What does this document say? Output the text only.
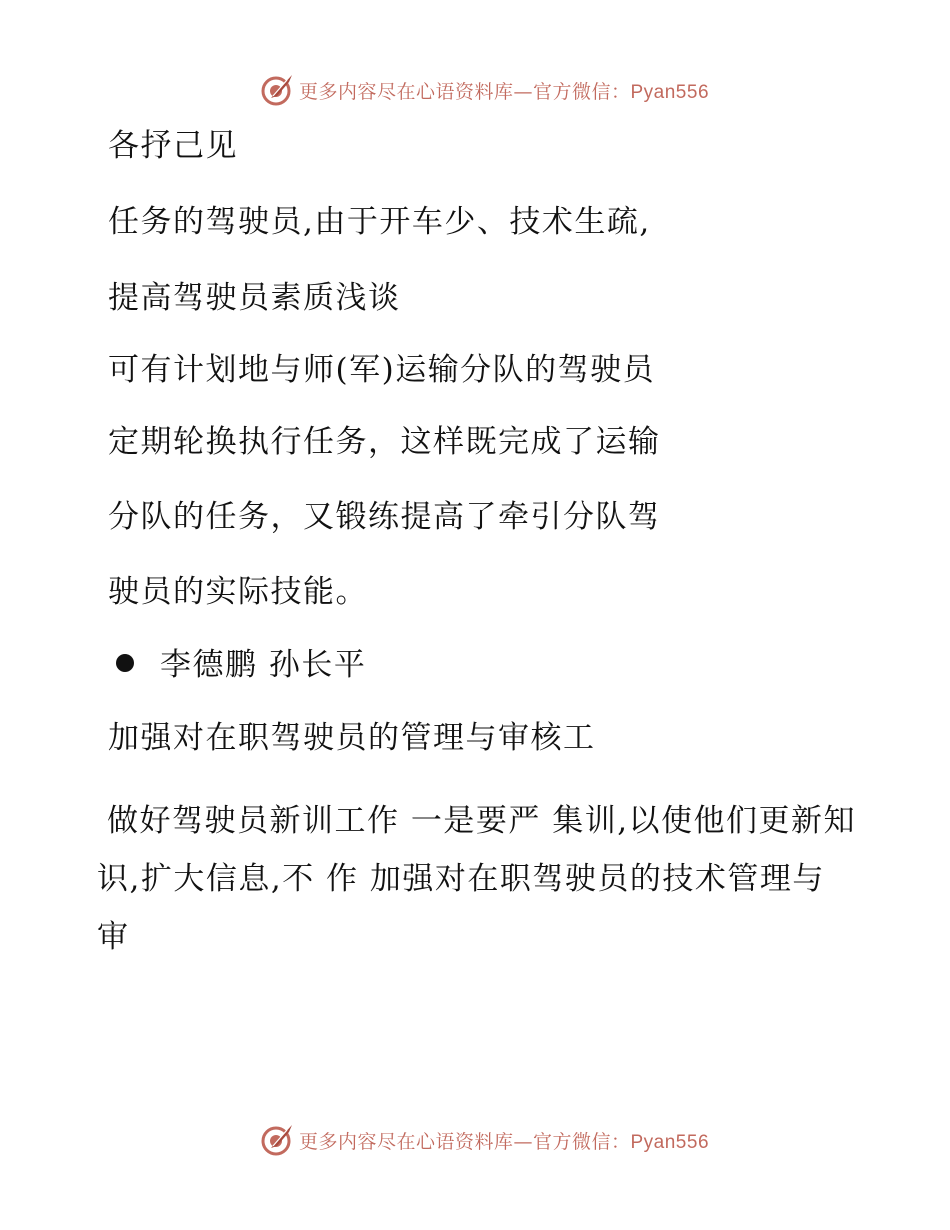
更多内容尽在心语资料库—官方微信：Pyan556
各抒己见
任务的驾驶员,由于开车少、技术生疏,
提高驾驶员素质浅谈
可有计划地与师(军)运输分队的驾驶员
定期轮换执行任务，这样既完成了运输
分队的任务，又锻练提高了牵引分队驾
驶员的实际技能。
李德鹏 孙长平
加强对在职驾驶员的管理与审核工
做好驾驶员新训工作 一是要严 集训,以使他们更新知识,扩大信息,不 作 加强对在职驾驶员的技术管理与审
更多内容尽在心语资料库—官方微信：Pyan556
